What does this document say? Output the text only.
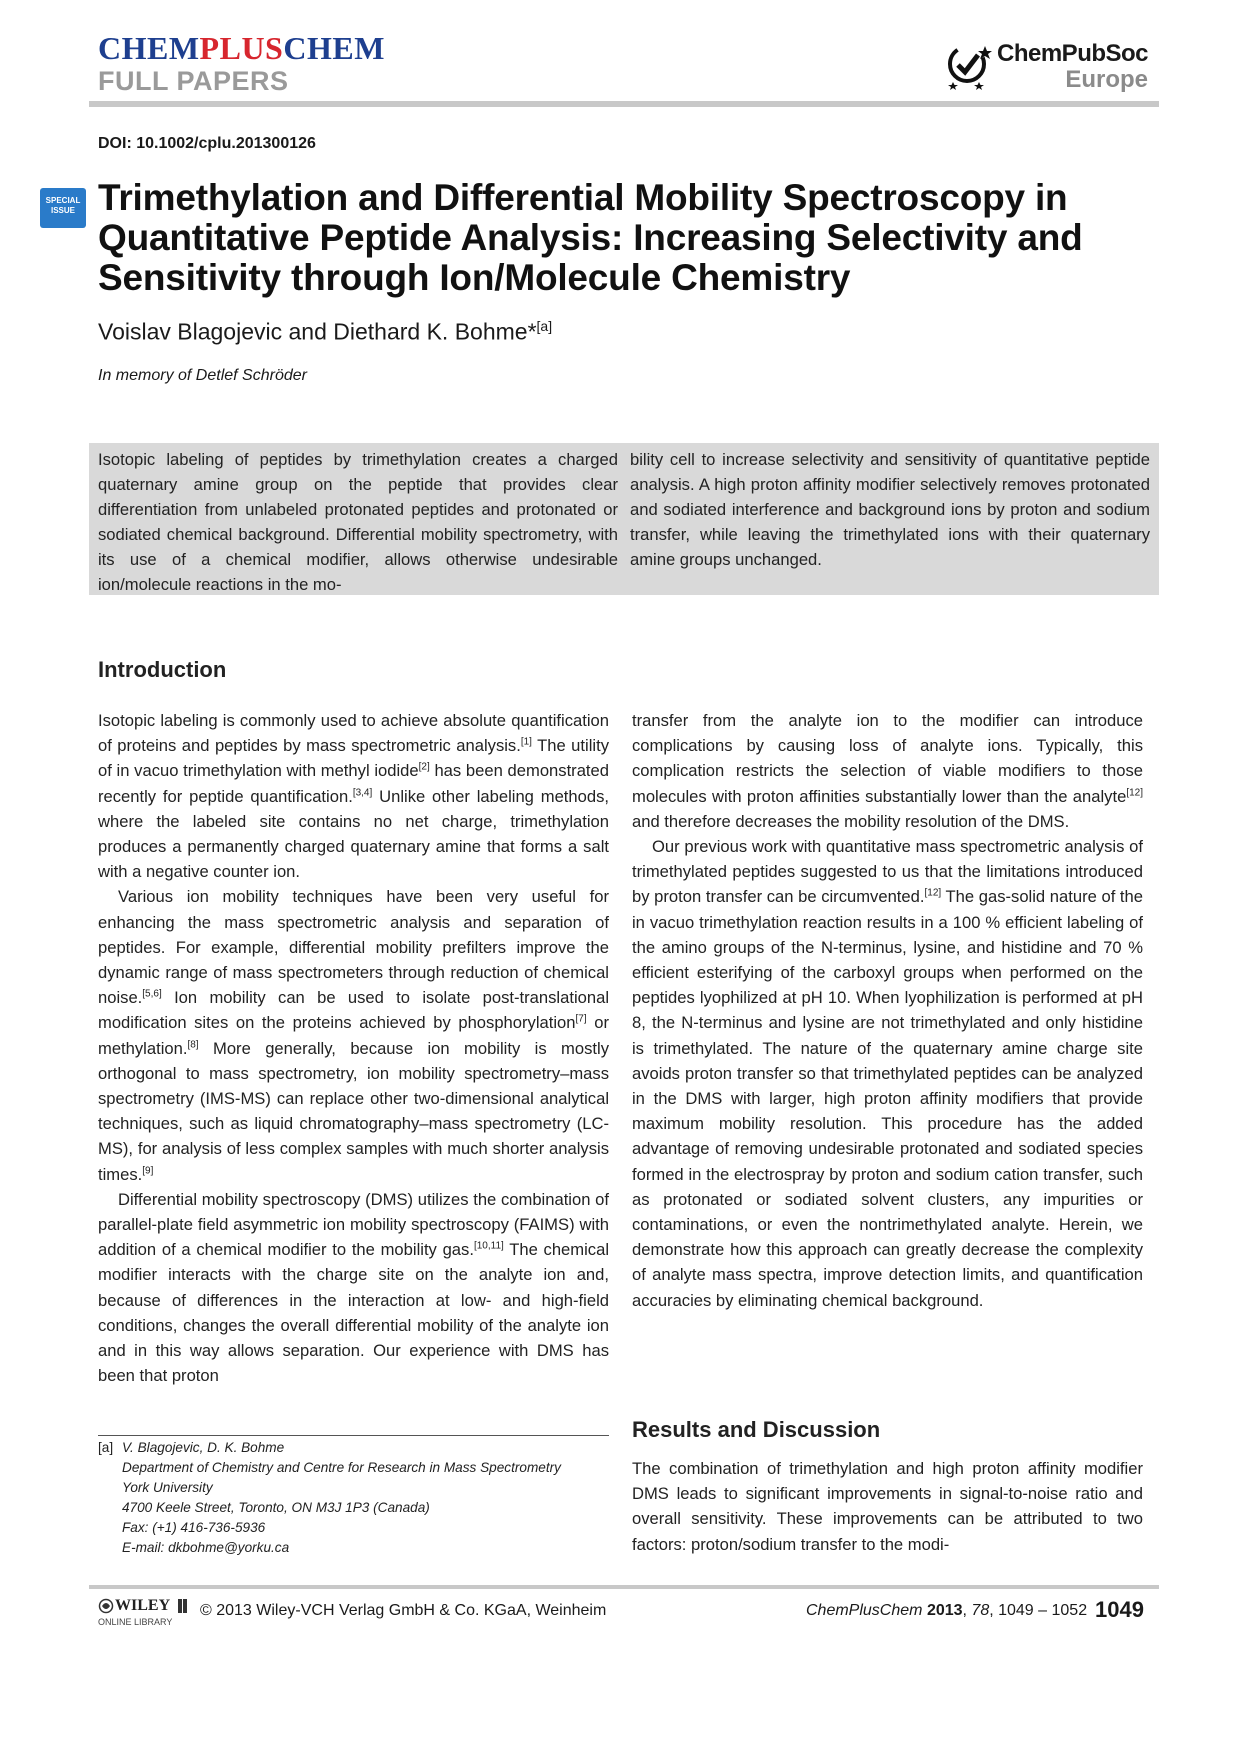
CHEMPLUSCHEM
FULL PAPERS
ChemPubSoc
Europe
DOI: 10.1002/cplu.201300126
SPECIAL
ISSUE Trimethylation and Differential Mobility Spectroscopy in Quantitative Peptide Analysis: Increasing Selectivity and Sensitivity through Ion/Molecule Chemistry
Voislav Blagojevic and Diethard K. Bohme*[a]
In memory of Detlef Schröder
Isotopic labeling of peptides by trimethylation creates a charged quaternary amine group on the peptide that provides clear differentiation from unlabeled protonated peptides and protonated or sodiated chemical background. Differential mobility spectrometry, with its use of a chemical modifier, allows otherwise undesirable ion/molecule reactions in the mo-
bility cell to increase selectivity and sensitivity of quantitative peptide analysis. A high proton affinity modifier selectively removes protonated and sodiated interference and background ions by proton and sodium transfer, while leaving the trimethylated ions with their quaternary amine groups unchanged.
Introduction

Isotopic labeling is commonly used to achieve absolute quantification of proteins and peptides by mass spectrometric analysis.[1] The utility of in vacuo trimethylation with methyl iodide[2] has been demonstrated recently for peptide quantification.[3,4] Unlike other labeling methods, where the labeled site contains no net charge, trimethylation produces a permanently charged quaternary amine that forms a salt with a negative counter ion.

Various ion mobility techniques have been very useful for enhancing the mass spectrometric analysis and separation of peptides. For example, differential mobility prefilters improve the dynamic range of mass spectrometers through reduction of chemical noise.[5,6] Ion mobility can be used to isolate post-translational modification sites on the proteins achieved by phosphorylation[7] or methylation.[8] More generally, because ion mobility is mostly orthogonal to mass spectrometry, ion mobility spectrometry–mass spectrometry (IMS-MS) can replace other two-dimensional analytical techniques, such as liquid chromatography–mass spectrometry (LC-MS), for analysis of less complex samples with much shorter analysis times.[9]

Differential mobility spectroscopy (DMS) utilizes the combination of parallel-plate field asymmetric ion mobility spectroscopy (FAIMS) with addition of a chemical modifier to the mobility gas.[10,11] The chemical modifier interacts with the charge site on the analyte ion and, because of differences in the interaction at low- and high-field conditions, changes the overall differential mobility of the analyte ion and in this way allows separation. Our experience with DMS has been that proton

[a] V. Blagojevic, D. K. Bohme
Department of Chemistry and Centre for Research in Mass Spectrometry
York University
4700 Keele Street, Toronto, ON M3J 1P3 (Canada)
Fax: (+1) 416-736-5936
E-mail: dkbohme@yorku.ca

transfer from the analyte ion to the modifier can introduce complications by causing loss of analyte ions. Typically, this complication restricts the selection of viable modifiers to those molecules with proton affinities substantially lower than the analyte[12] and therefore decreases the mobility resolution of the DMS.

Our previous work with quantitative mass spectrometric analysis of trimethylated peptides suggested to us that the limitations introduced by proton transfer can be circumvented.[12] The gas-solid nature of the in vacuo trimethylation reaction results in a 100 % efficient labeling of the amino groups of the N-terminus, lysine, and histidine and 70 % efficient esterifying of the carboxyl groups when performed on the peptides lyophilized at pH 10. When lyophilization is performed at pH 8, the N-terminus and lysine are not trimethylated and only histidine is trimethylated. The nature of the quaternary amine charge site avoids proton transfer so that trimethylated peptides can be analyzed in the DMS with larger, high proton affinity modifiers that provide maximum mobility resolution. This procedure has the added advantage of removing undesirable protonated and sodiated species formed in the electrospray by proton and sodium cation transfer, such as protonated or sodiated solvent clusters, any impurities or contaminations, or even the nontrimethylated analyte. Herein, we demonstrate how this approach can greatly decrease the complexity of analyte mass spectra, improve detection limits, and quantification accuracies by eliminating chemical background.

Results and Discussion

The combination of trimethylation and high proton affinity modifier DMS leads to significant improvements in signal-to-noise ratio and overall sensitivity. These improvements can be attributed to two factors: proton/sodium transfer to the modi-

WILEY
ONLINE LIBRARY
© 2013 Wiley-VCH Verlag GmbH & Co. KGaA, Weinheim	ChemPlusChem 2013, 78, 1049 – 1052 1049
